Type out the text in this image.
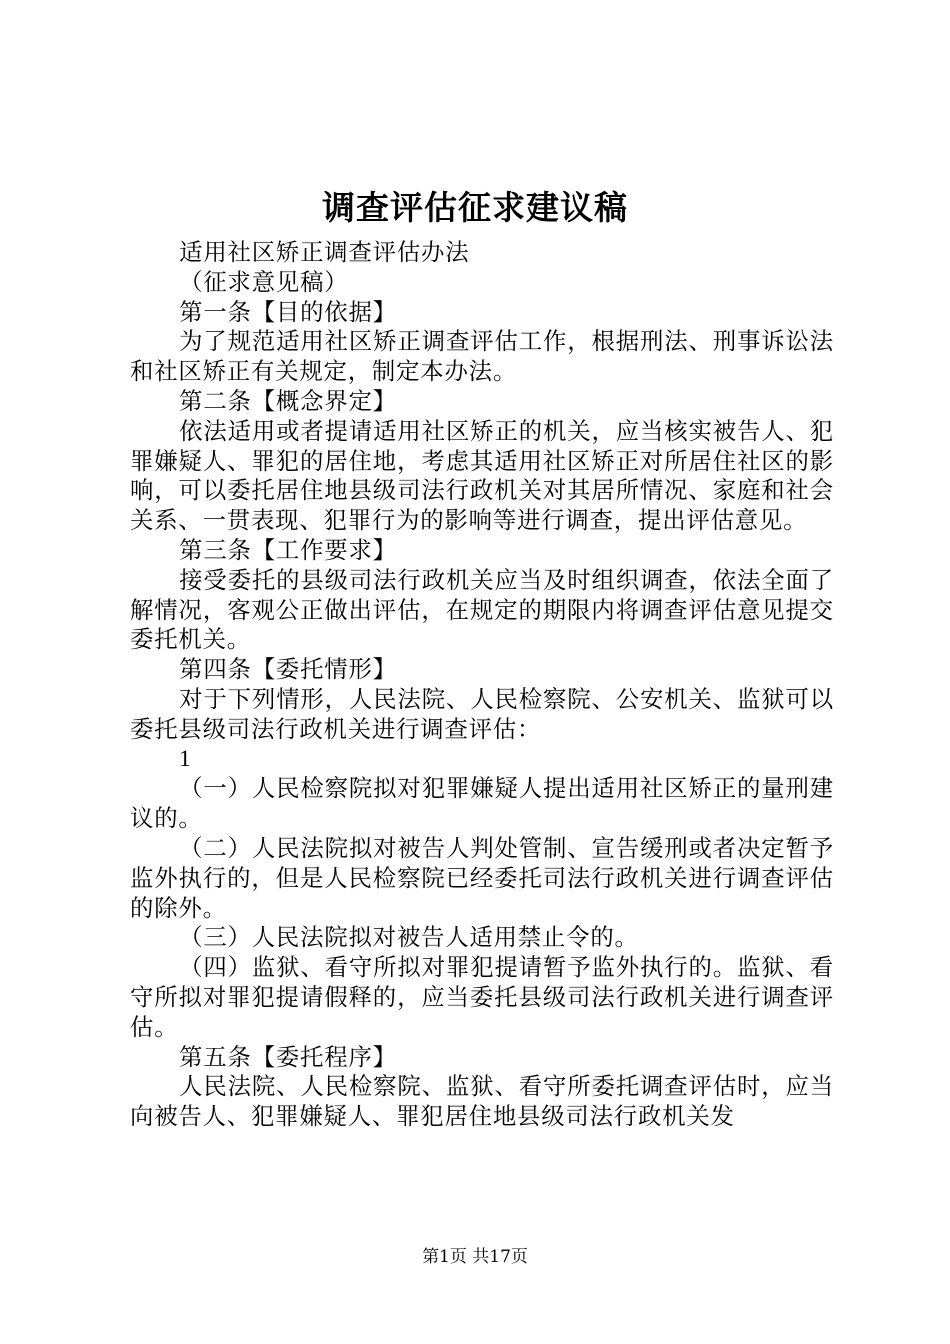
调查评估征求建议稿

适用社区矫正调查评估办法

（征求意见稿）

第一条【目的依据】

为了规范适用社区矫正调查评估工作，根据刑法、刑事诉讼法和社区矫正有关规定，制定本办法。

第二条【概念界定】

依法适用或者提请适用社区矫正的机关，应当核实被告人、犯罪嫌疑人、罪犯的居住地，考虑其适用社区矫正对所居住社区的影响，可以委托居住地县级司法行政机关对其居所情况、家庭和社会关系、一贯表现、犯罪行为的影响等进行调查，提出评估意见。

第三条【工作要求】

接受委托的县级司法行政机关应当及时组织调查，依法全面了解情况，客观公正做出评估，在规定的期限内将调查评估意见提交委托机关。

第四条【委托情形】

对于下列情形，人民法院、人民检察院、公安机关、监狱可以委托县级司法行政机关进行调查评估：

1

（一）人民检察院拟对犯罪嫌疑人提出适用社区矫正的量刑建议的。

（二）人民法院拟对被告人判处管制、宣告缓刑或者决定暂予监外执行的，但是人民检察院已经委托司法行政机关进行调查评估的除外。

（三）人民法院拟对被告人适用禁止令的。

（四）监狱、看守所拟对罪犯提请暂予监外执行的。监狱、看守所拟对罪犯提请假释的，应当委托县级司法行政机关进行调查评估。

第五条【委托程序】

人民法院、人民检察院、监狱、看守所委托调查评估时，应当向被告人、犯罪嫌疑人、罪犯居住地县级司法行政机关发

第1页 共17页
